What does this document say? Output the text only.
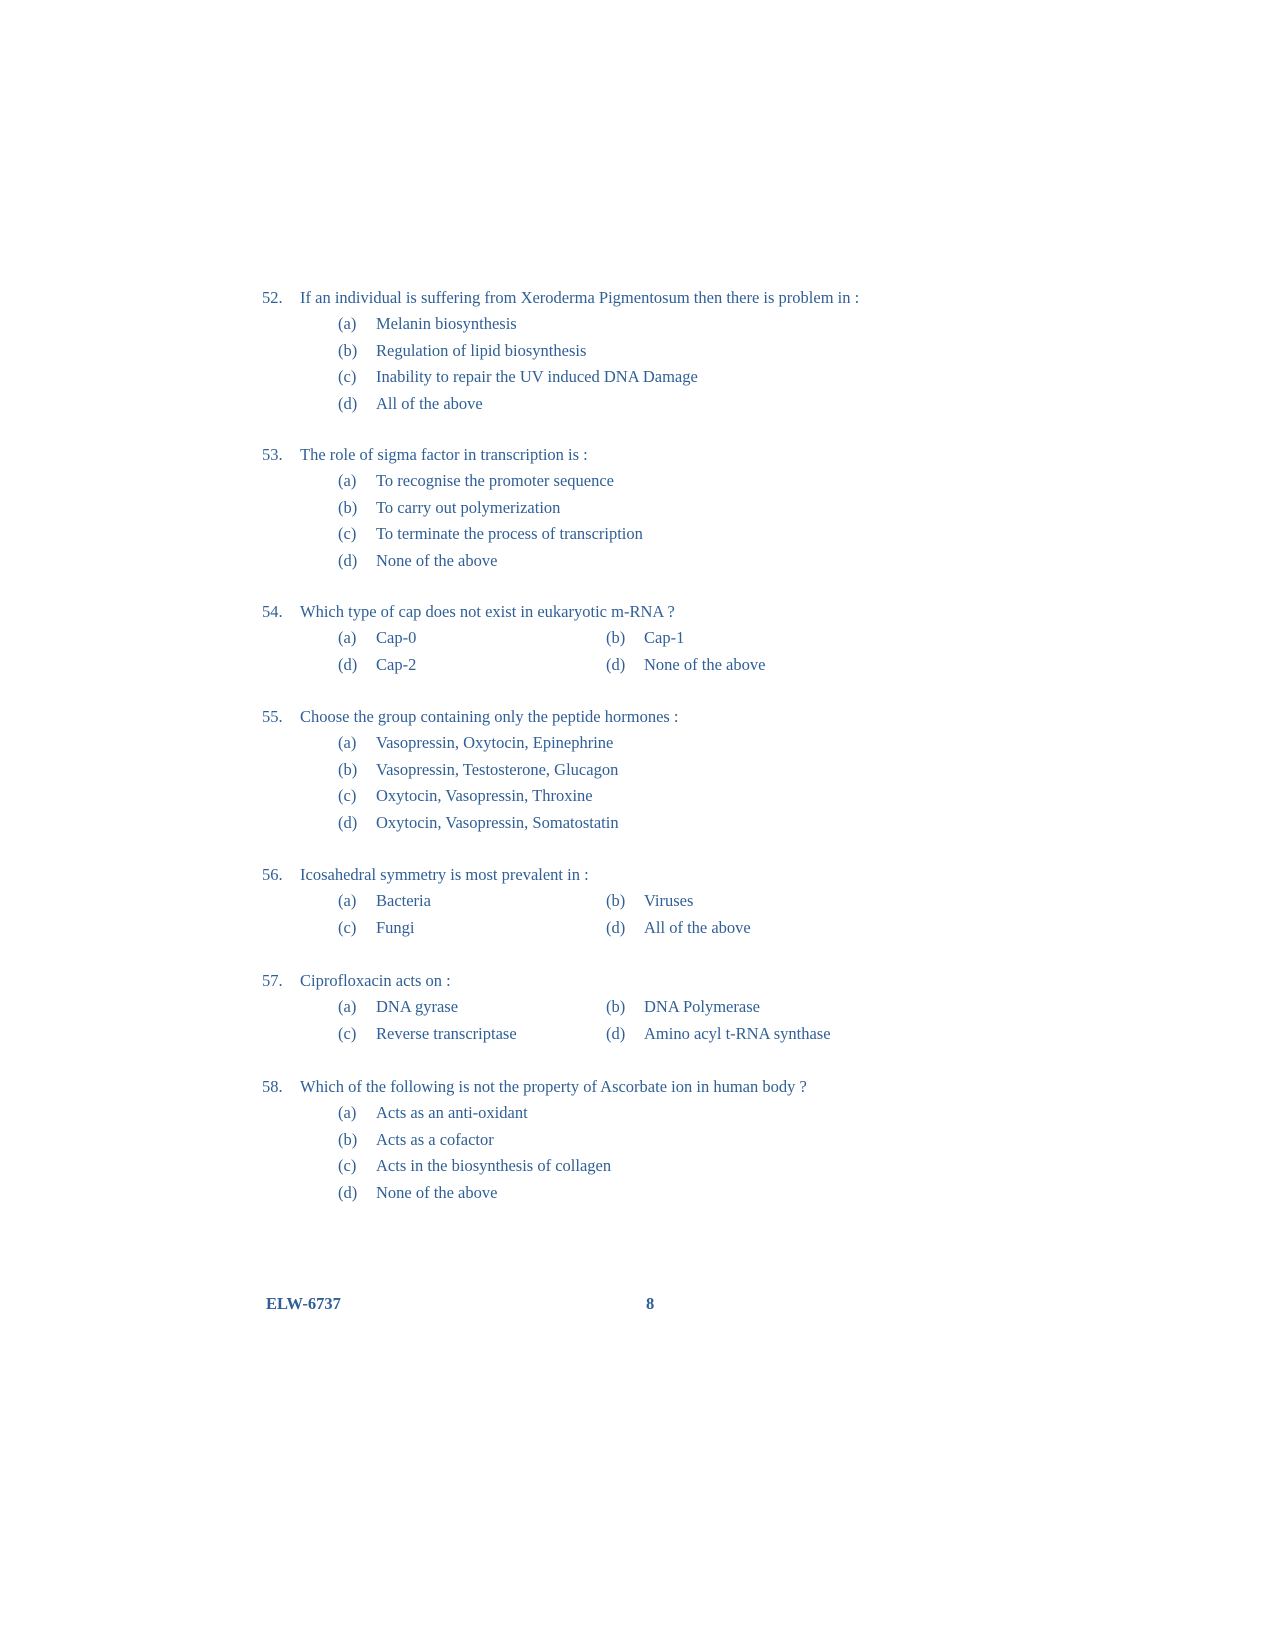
52.	If an individual is suffering from Xeroderma Pigmentosum then there is problem in :
(a)	Melanin biosynthesis
(b)	Regulation of lipid biosynthesis
(c)	Inability to repair the UV induced DNA Damage
(d)	All of the above
53.	The role of sigma factor in transcription is :
(a)	To recognise the promoter sequence
(b)	To carry out polymerization
(c)	To terminate the process of transcription
(d)	None of the above
54.	Which type of cap does not exist in eukaryotic m-RNA ?
(a)	Cap-0	(b)	Cap-1
(d)	Cap-2	(d)	None of the above
55.	Choose the group containing only the peptide hormones :
(a)	Vasopressin, Oxytocin, Epinephrine
(b)	Vasopressin, Testosterone, Glucagon
(c)	Oxytocin, Vasopressin, Throxine
(d)	Oxytocin, Vasopressin, Somatostatin
56.	Icosahedral symmetry is most prevalent in :
(a)	Bacteria	(b)	Viruses
(c)	Fungi	(d)	All of the above
57.	Ciprofloxacin acts on :
(a)	DNA gyrase	(b)	DNA Polymerase
(c)	Reverse transcriptase	(d)	Amino acyl t-RNA synthase
58.	Which of the following is not the property of Ascorbate ion in human body ?
(a)	Acts as an anti-oxidant
(b)	Acts as a cofactor
(c)	Acts in the biosynthesis of collagen
(d)	None of the above
ELW-6737	8
